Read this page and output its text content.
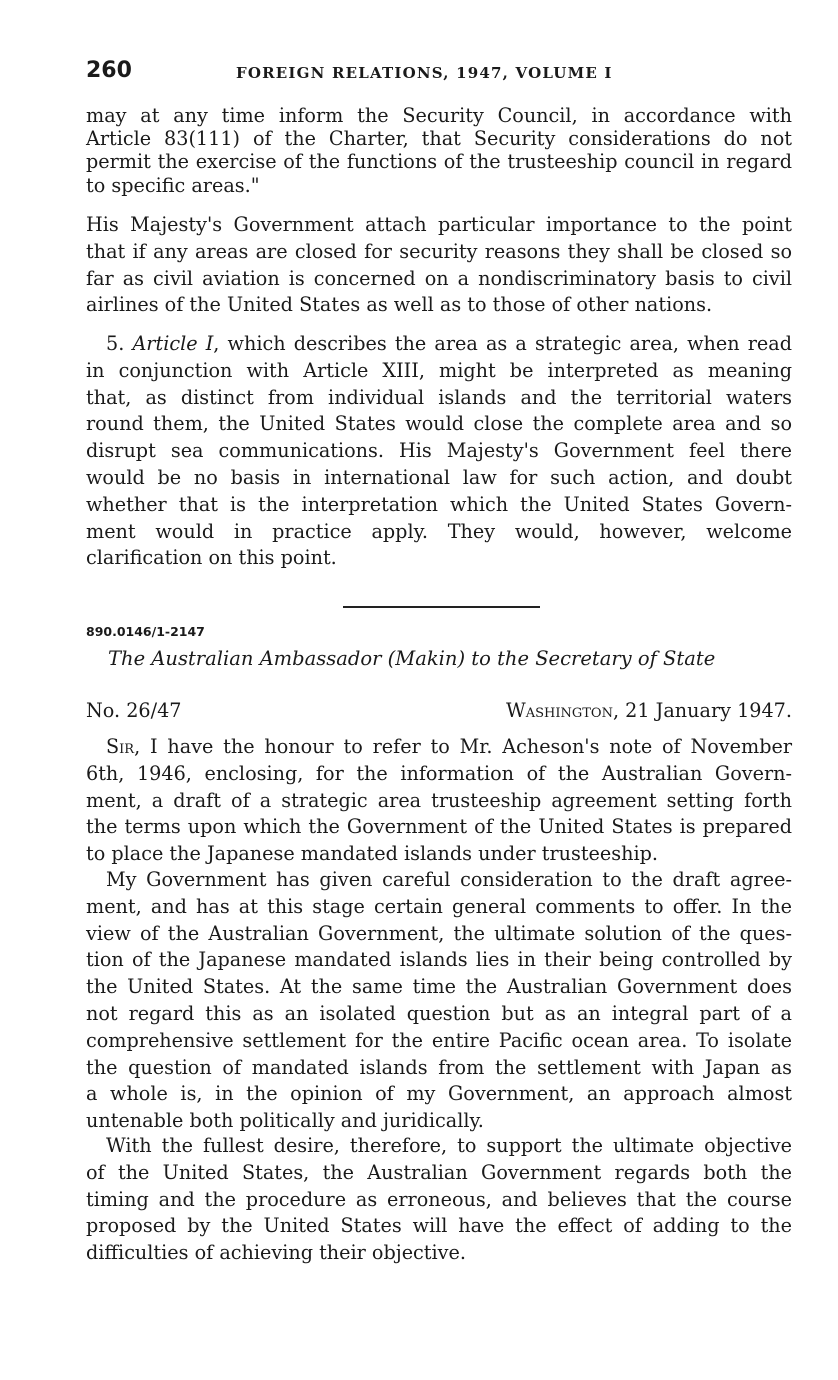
260	FOREIGN RELATIONS, 1947, VOLUME I
may at any time inform the Security Council, in accordance with
Article 83(111) of the Charter, that Security considerations do not
permit the exercise of the functions of the trusteeship council in regard
to specific areas."
His Majesty's Government attach particular importance to the point
that if any areas are closed for security reasons they shall be closed so
far as civil aviation is concerned on a nondiscriminatory basis to civil
airlines of the United States as well as to those of other nations.
5. Article I, which describes the area as a strategic area, when read
in conjunction with Article XIII, might be interpreted as meaning
that, as distinct from individual islands and the territorial waters
round them, the United States would close the complete area and so
disrupt sea communications. His Majesty's Government feel there
would be no basis in international law for such action, and doubt
whether that is the interpretation which the United States Govern-
ment would in practice apply. They would, however, welcome
clarification on this point.
890.0146/1-2147
The Australian Ambassador (Makin) to the Secretary of State
No. 26/47	Washington, 21 January 1947.
Sir, I have the honour to refer to Mr. Acheson's note of November
6th, 1946, enclosing, for the information of the Australian Govern-
ment, a draft of a strategic area trusteeship agreement setting forth
the terms upon which the Government of the United States is prepared
to place the Japanese mandated islands under trusteeship.
My Government has given careful consideration to the draft agree-
ment, and has at this stage certain general comments to offer. In the
view of the Australian Government, the ultimate solution of the ques-
tion of the Japanese mandated islands lies in their being controlled by
the United States. At the same time the Australian Government does
not regard this as an isolated question but as an integral part of a
comprehensive settlement for the entire Pacific ocean area. To isolate
the question of mandated islands from the settlement with Japan as
a whole is, in the opinion of my Government, an approach almost
untenable both politically and juridically.
With the fullest desire, therefore, to support the ultimate objective
of the United States, the Australian Government regards both the
timing and the procedure as erroneous, and believes that the course
proposed by the United States will have the effect of adding to the
difficulties of achieving their objective.
